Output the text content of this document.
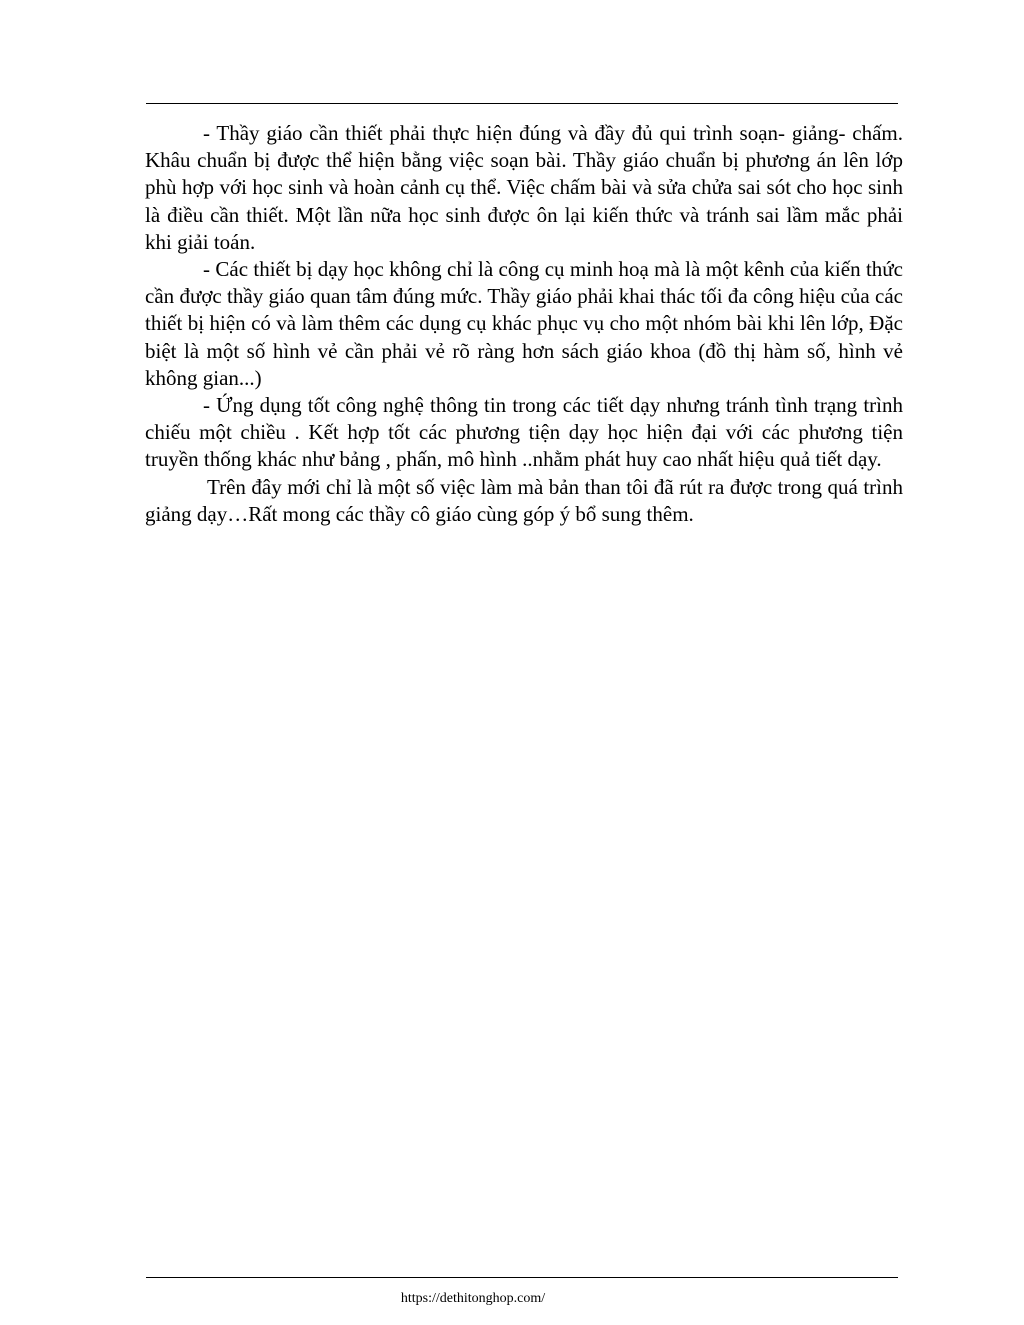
- Thầy giáo cần thiết phải thực hiện đúng và đầy đủ qui trình soạn- giảng- chấm. Khâu chuẩn bị được thể hiện bằng việc soạn bài. Thầy giáo chuẩn bị phương án lên lớp phù hợp với học sinh và hoàn cảnh cụ thể. Việc chấm bài và sửa chửa sai sót cho học sinh là điều cần thiết. Một lần nữa học sinh được ôn lại kiến thức và tránh sai lầm mắc phải khi giải toán.

- Các thiết bị dạy học không chỉ là công cụ minh hoạ mà là một kênh của kiến thức cần được thầy giáo quan tâm đúng mức. Thầy giáo phải khai thác tối đa công hiệu của các thiết bị hiện có và làm thêm các dụng cụ khác phục vụ cho một nhóm bài khi lên lớp, Đặc biệt là một số hình vẻ cần phải vẻ rõ ràng hơn sách giáo khoa (đồ thị hàm số, hình vẻ không gian...)

- Ứng dụng tốt công nghệ thông tin trong các tiết dạy nhưng tránh tình trạng trình chiếu một chiều . Kết hợp tốt các phương tiện dạy học hiện đại với các phương tiện truyền thống khác như bảng , phấn, mô hình ..nhằm phát huy cao nhất hiệu quả tiết dạy.

Trên đây mới chỉ là một số việc làm mà bản than tôi đã rút ra được trong quá trình giảng dạy…Rất mong các thầy cô giáo cùng góp ý bổ sung thêm.

https://dethitonghop.com/
